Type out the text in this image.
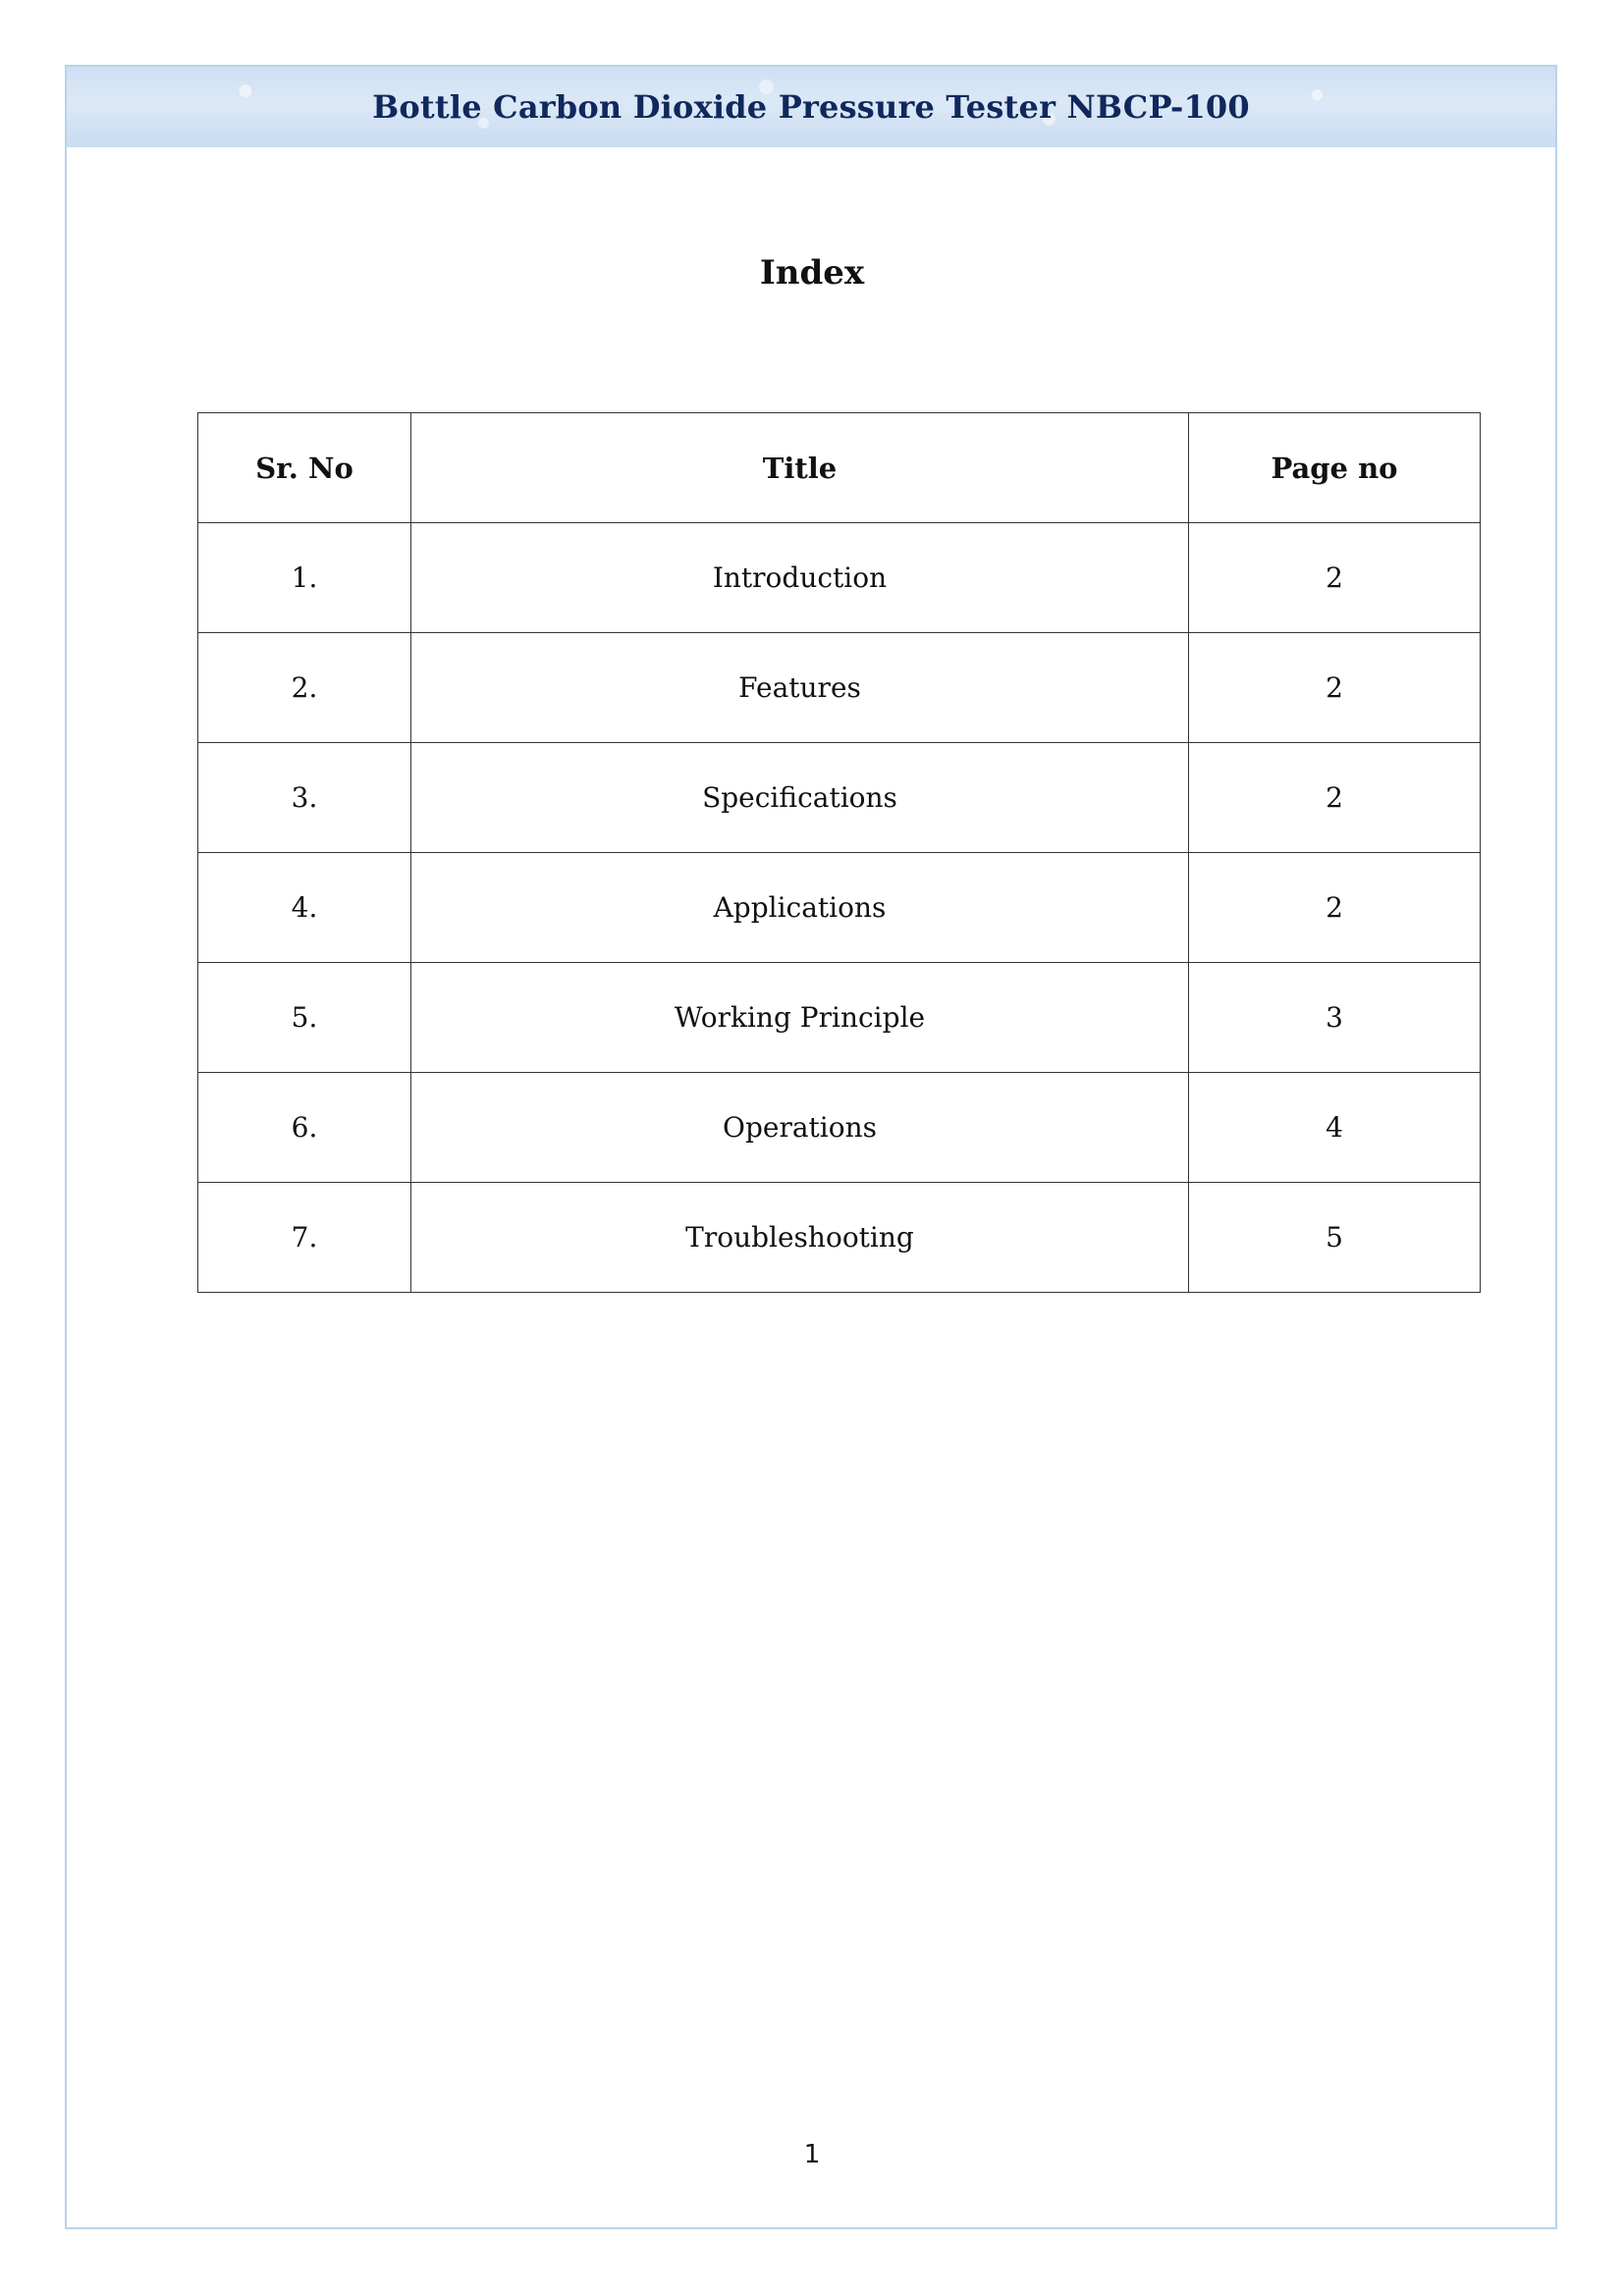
Bottle Carbon Dioxide Pressure Tester NBCP-100
Index
Sr. No	Title	Page no
1.	Introduction	2
2.	Features	2
3.	Specifications	2
4.	Applications	2
5.	Working Principle	3
6.	Operations	4
7.	Troubleshooting	5
1
